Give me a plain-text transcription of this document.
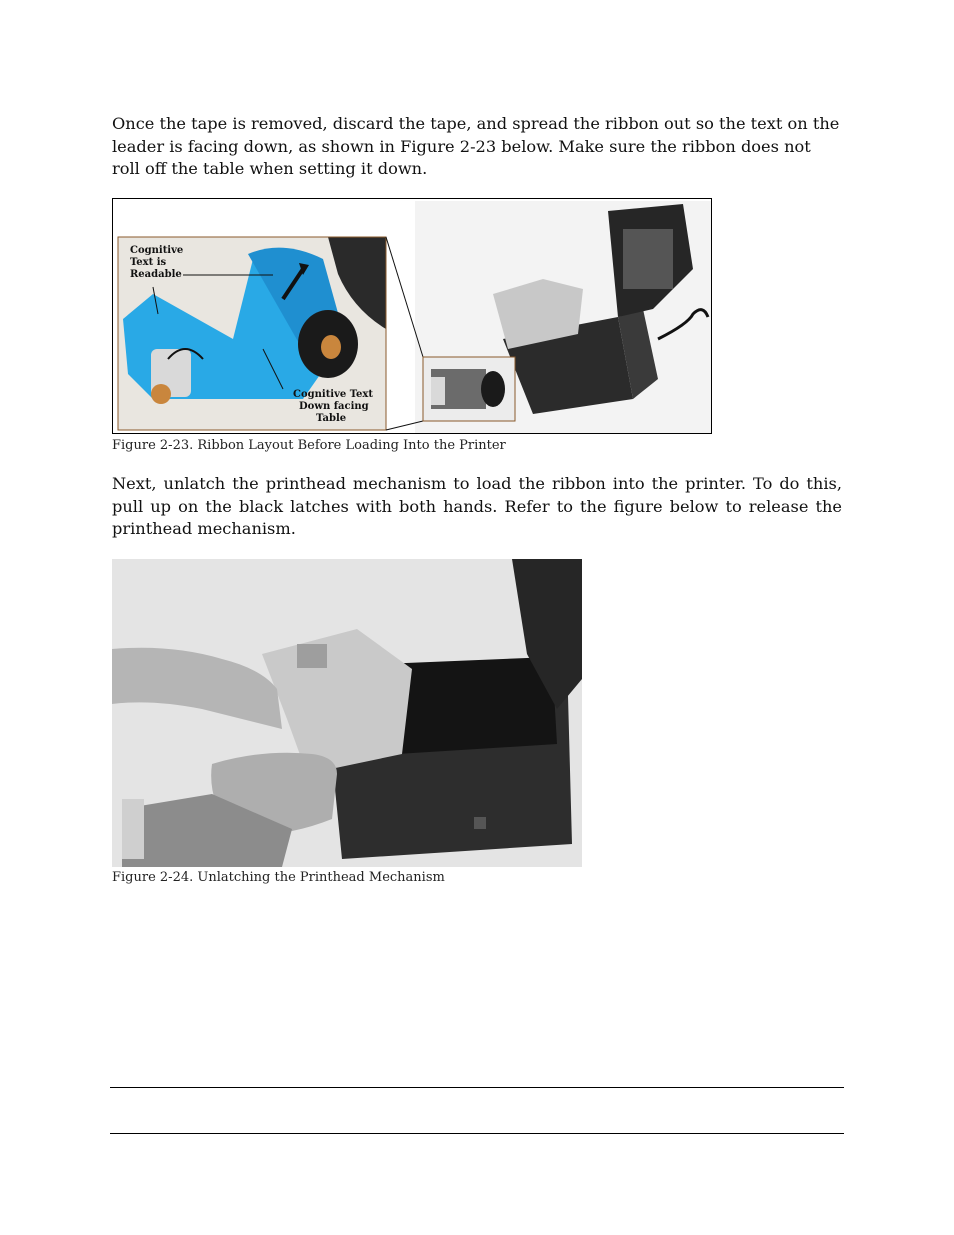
Once the tape is removed, discard the tape, and spread the ribbon out so the text on the leader is facing down, as shown in Figure 2-23 below. Make sure the ribbon does not roll off the table when setting it down.

Cognitive
Text is
Readable
Cognitive Text
Down facing
Table
Figure 2-23. Ribbon Layout Before Loading Into the Printer

Next, unlatch the printhead mechanism to load the ribbon into the printer. To do this, pull up on the black latches with both hands. Refer to the figure below to release the printhead mechanism.

Figure 2-24. Unlatching the Printhead Mechanism
